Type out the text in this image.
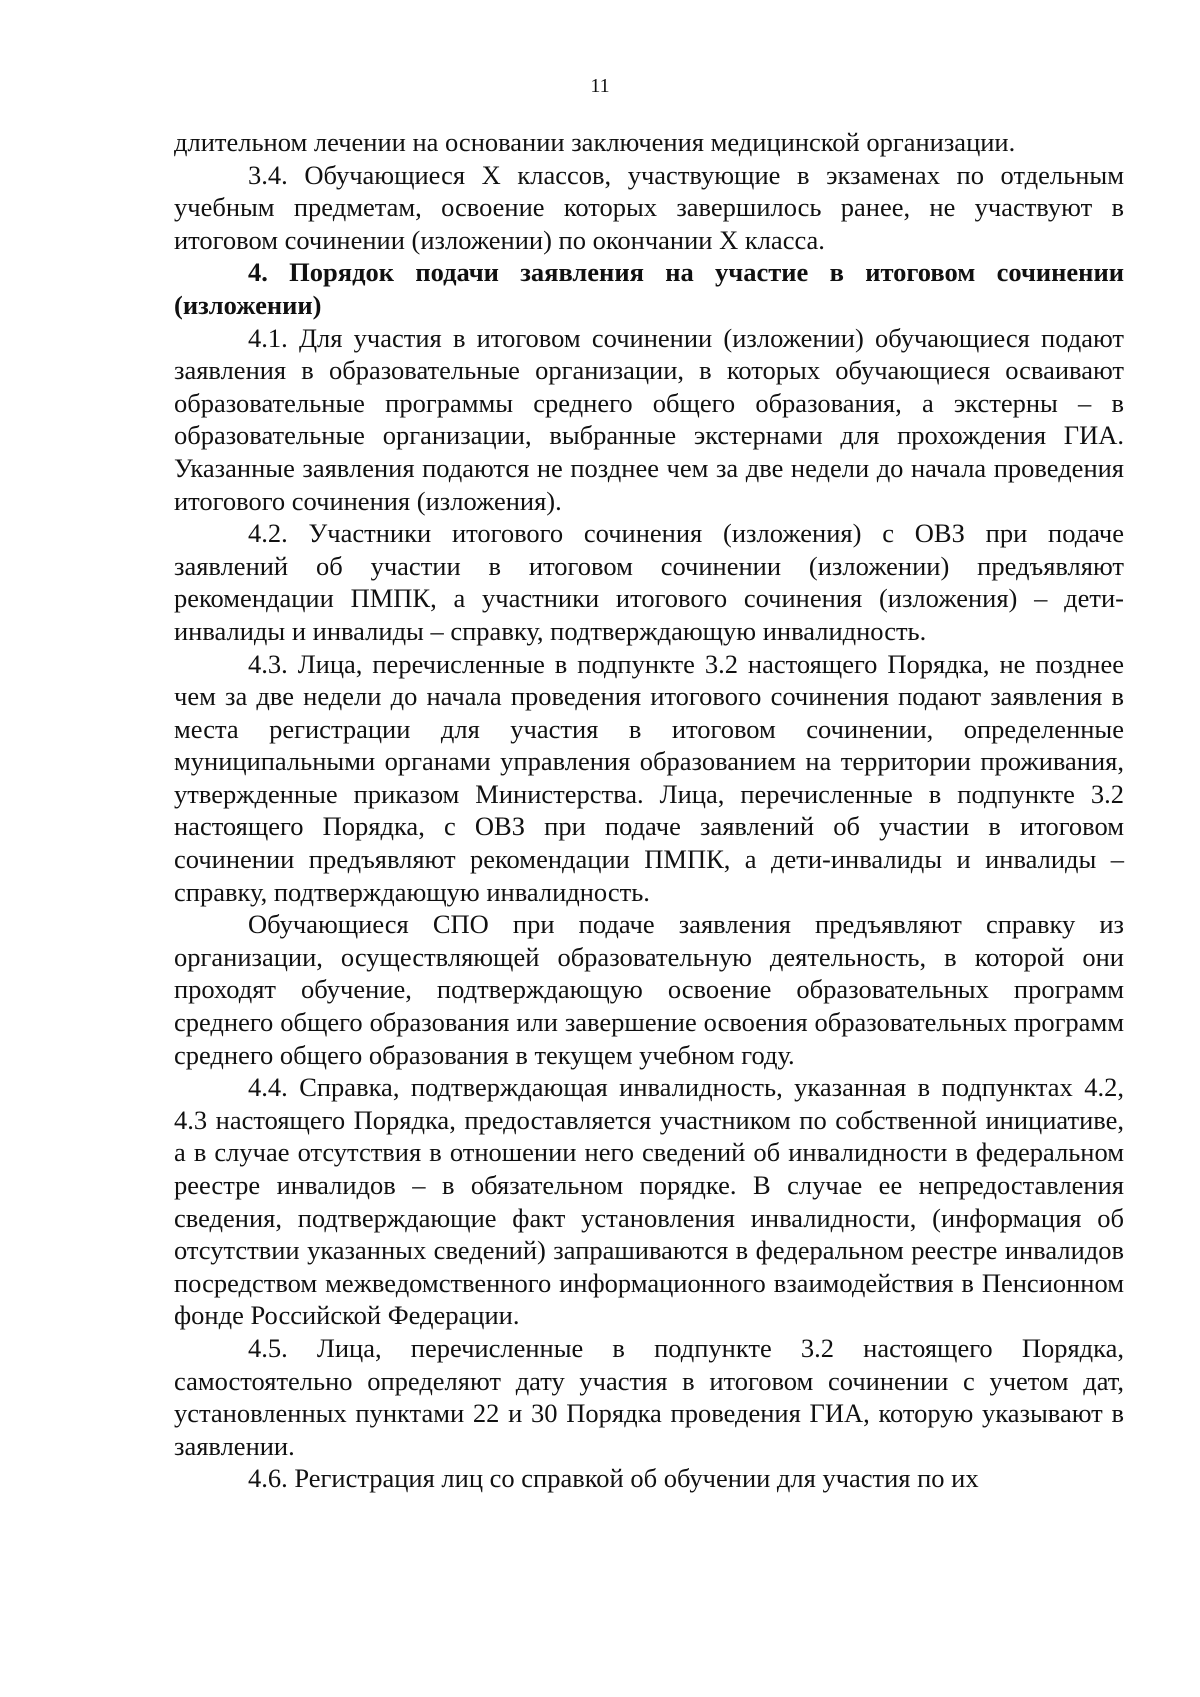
11

длительном лечении на основании заключения медицинской организации.

3.4. Обучающиеся X классов, участвующие в экзаменах по отдельным учебным предметам, освоение которых завершилось ранее, не участвуют в итоговом сочинении (изложении) по окончании X класса.

4. Порядок подачи заявления на участие в итоговом сочинении (изложении)

4.1. Для участия в итоговом сочинении (изложении) обучающиеся подают заявления в образовательные организации, в которых обучающиеся осваивают образовательные программы среднего общего образования, а экстерны – в образовательные организации, выбранные экстернами для прохождения ГИА. Указанные заявления подаются не позднее чем за две недели до начала проведения итогового сочинения (изложения).

4.2. Участники итогового сочинения (изложения) с ОВЗ при подаче заявлений об участии в итоговом сочинении (изложении) предъявляют рекомендации ПМПК, а участники итогового сочинения (изложения) – дети-инвалиды и инвалиды – справку, подтверждающую инвалидность.

4.3. Лица, перечисленные в подпункте 3.2 настоящего Порядка, не позднее чем за две недели до начала проведения итогового сочинения подают заявления в места регистрации для участия в итоговом сочинении, определенные муниципальными органами управления образованием на территории проживания, утвержденные приказом Министерства. Лица, перечисленные в подпункте 3.2 настоящего Порядка, с ОВЗ при подаче заявлений об участии в итоговом сочинении предъявляют рекомендации ПМПК, а дети-инвалиды и инвалиды – справку, подтверждающую инвалидность.

Обучающиеся СПО при подаче заявления предъявляют справку из организации, осуществляющей образовательную деятельность, в которой они проходят обучение, подтверждающую освоение образовательных программ среднего общего образования или завершение освоения образовательных программ среднего общего образования в текущем учебном году.

4.4. Справка, подтверждающая инвалидность, указанная в подпунктах 4.2, 4.3 настоящего Порядка, предоставляется участником по собственной инициативе, а в случае отсутствия в отношении него сведений об инвалидности в федеральном реестре инвалидов – в обязательном порядке. В случае ее непредоставления сведения, подтверждающие факт установления инвалидности, (информация об отсутствии указанных сведений) запрашиваются в федеральном реестре инвалидов посредством межведомственного информационного взаимодействия в Пенсионном фонде Российской Федерации.

4.5. Лица, перечисленные в подпункте 3.2 настоящего Порядка, самостоятельно определяют дату участия в итоговом сочинении с учетом дат, установленных пунктами 22 и 30 Порядка проведения ГИА, которую указывают в заявлении.

4.6. Регистрация лиц со справкой об обучении для участия по их
